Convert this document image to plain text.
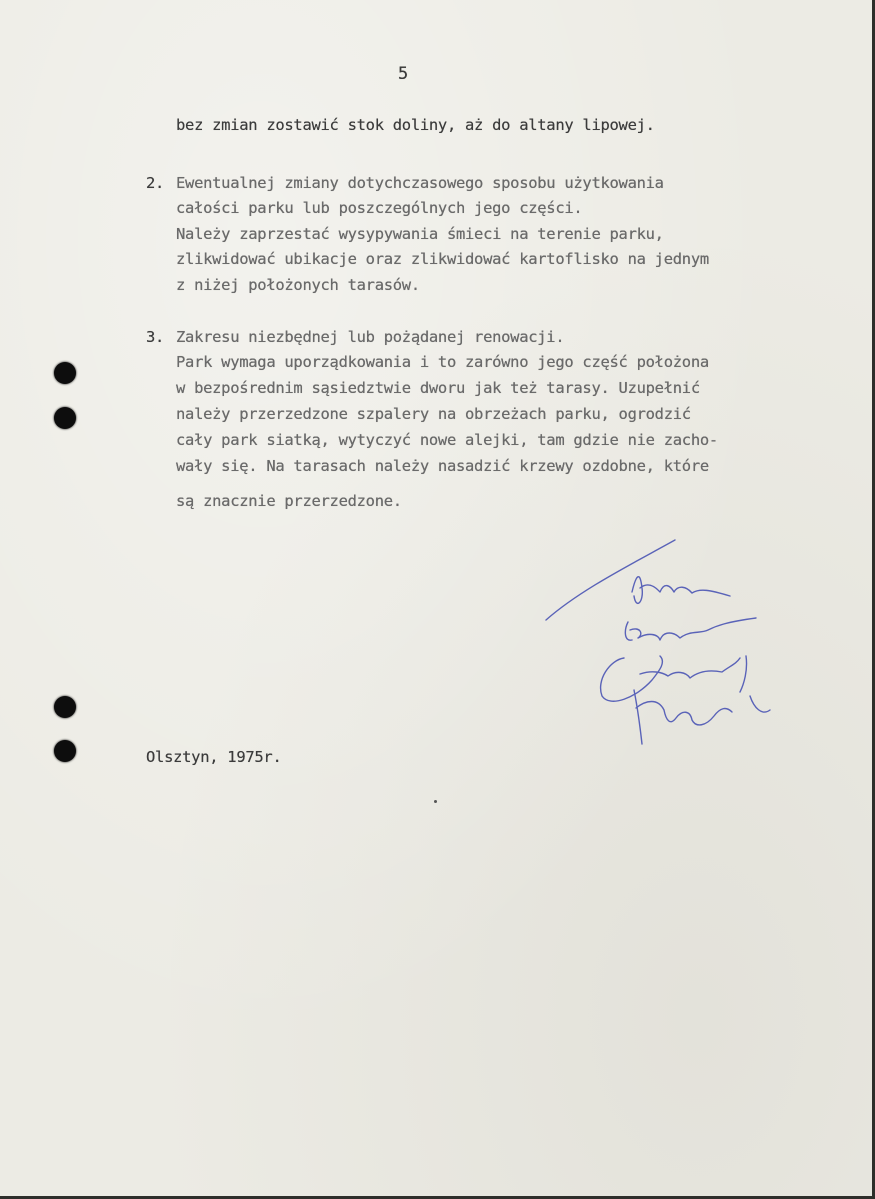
5
bez zmian zostawić stok doliny, aż do altany lipowej.
2. Ewentualnej zmiany dotychczasowego sposobu użytkowania
całości parku lub poszczególnych jego części.
Należy zaprzestać wysypywania śmieci na terenie parku,
zlikwidować ubikacje oraz zlikwidować kartoflisko na jednym
z niżej położonych tarasów.
3. Zakresu niezbędnej lub pożądanej renowacji.
Park wymaga uporządkowania i to zarówno jego część położona
w bezpośrednim sąsiedztwie dworu jak też tarasy. Uzupełnić
należy przerzedzone szpalery na obrzeżach parku, ogrodzić
cały park siatką, wytyczyć nowe alejki, tam gdzie nie zacho-
wały się. Na tarasach należy nasadzić krzewy ozdobne, które
są znacznie przerzedzone.
Olsztyn, 1975r.
